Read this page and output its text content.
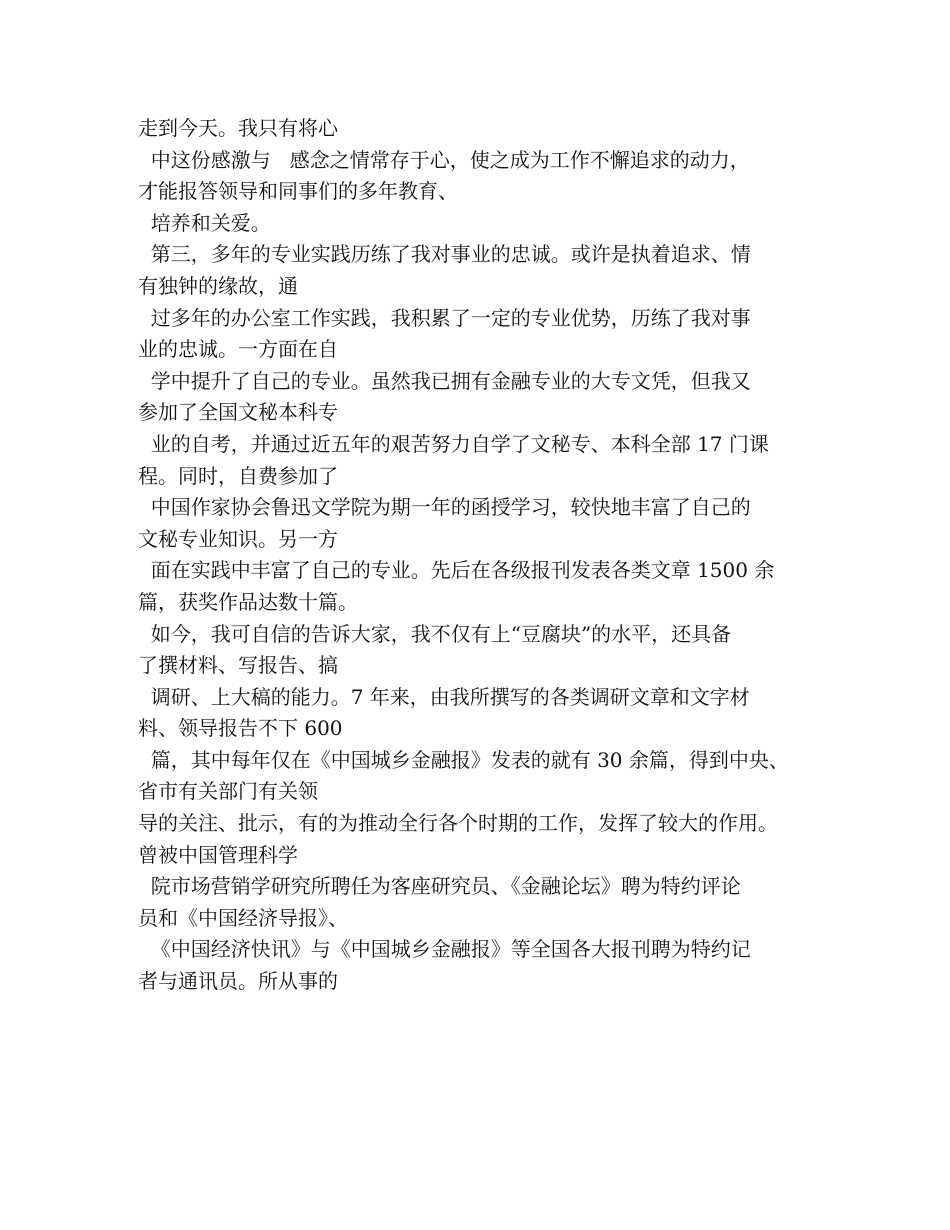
走到今天。我只有将心
中这份感激与   感念之情常存于心，使之成为工作不懈追求的动力，
才能报答领导和同事们的多年教育、
培养和关爱。
第三，多年的专业实践历练了我对事业的忠诚。或许是执着追求、情
有独钟的缘故，通
过多年的办公室工作实践，我积累了一定的专业优势，历练了我对事
业的忠诚。一方面在自
学中提升了自己的专业。虽然我已拥有金融专业的大专文凭，但我又
参加了全国文秘本科专
业的自考，并通过近五年的艰苦努力自学了文秘专、本科全部 17 门课
程。同时，自费参加了
中国作家协会鲁迅文学院为期一年的函授学习，较快地丰富了自己的
文秘专业知识。另一方
面在实践中丰富了自己的专业。先后在各级报刊发表各类文章 1500 余
篇，获奖作品达数十篇。
如今，我可自信的告诉大家，我不仅有上“豆腐块”的水平，还具备
了撰材料、写报告、搞
调研、上大稿的能力。7 年来，由我所撰写的各类调研文章和文字材
料、领导报告不下 600
篇，其中每年仅在《中国城乡金融报》发表的就有 30 余篇，得到中央、
省市有关部门有关领
导的关注、批示，有的为推动全行各个时期的工作，发挥了较大的作用。
曾被中国管理科学
院市场营销学研究所聘任为客座研究员、《金融论坛》聘为特约评论
员和《中国经济导报》、
《中国经济快讯》与《中国城乡金融报》等全国各大报刊聘为特约记
者与通讯员。所从事的
